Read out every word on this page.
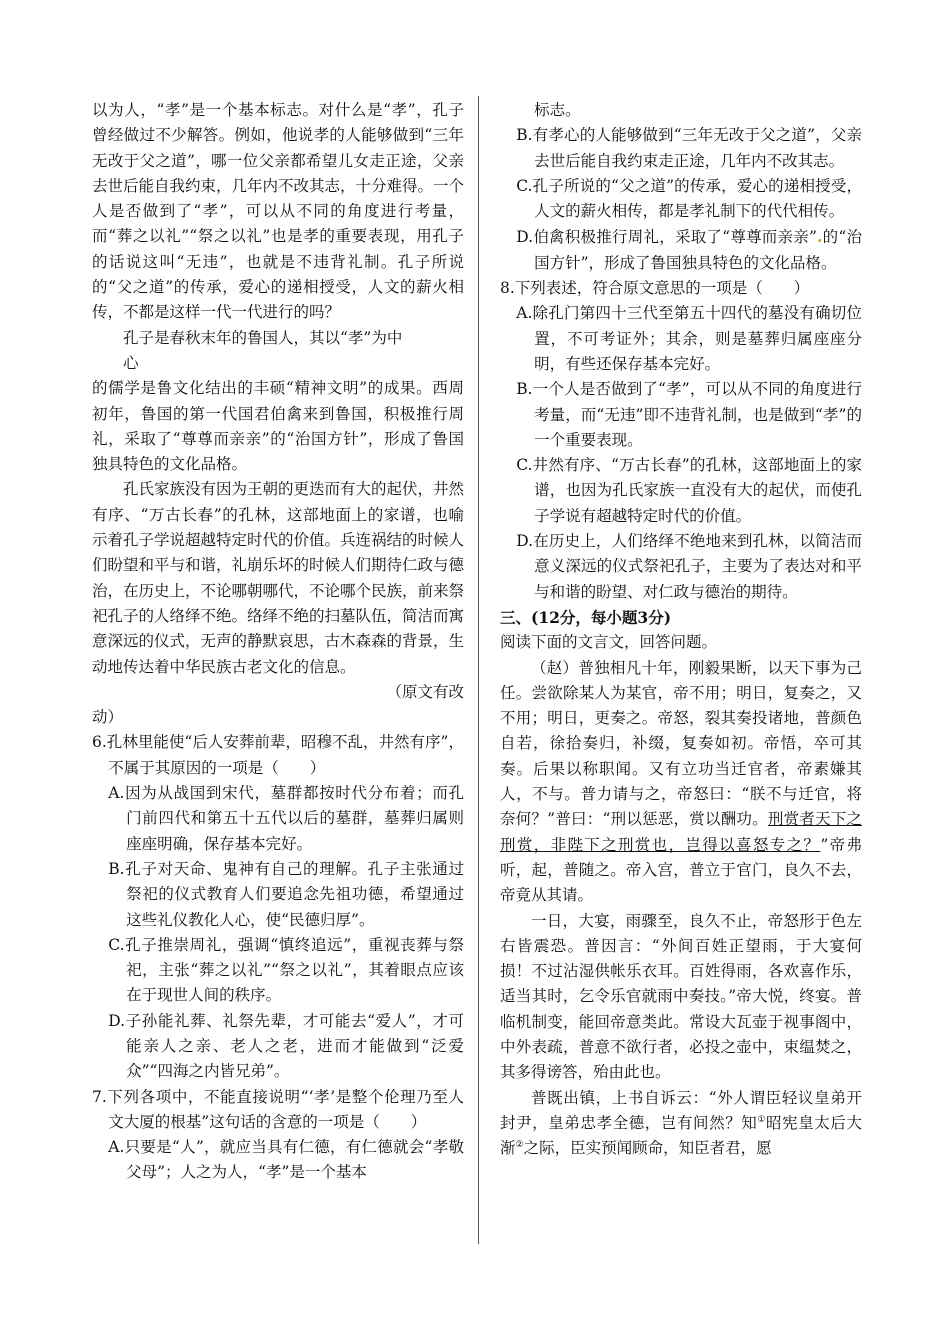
以为人，“孝”是一个基本标志。对什么是“孝”，孔子曾经做过不少解答。例如，他说孝的人能够做到“三年无改于父之道”，哪一位父亲都希望儿女走正途，父亲去世后能自我约束，几年内不改其志，十分难得。一个人是否做到了“孝”，可以从不同的角度进行考量，而“葬之以礼”“祭之以礼”也是孝的重要表现，用孔子的话说这叫“无违”，也就是不违背礼制。孔子所说的“父之道”的传承，爱心的递相授受，人文的薪火相传，不都是这样一代一代进行的吗？

孔子是春秋末年的鲁国人，其以“孝”为中

心

的儒学是鲁文化结出的丰硕“精神文明”的成果。西周初年，鲁国的第一代国君伯禽来到鲁国，积极推行周礼，采取了“尊尊而亲亲”的“治国方针”，形成了鲁国独具特色的文化品格。

孔氏家族没有因为王朝的更迭而有大的起伏，井然有序、“万古长春”的孔林，这部地面上的家谱，也喻示着孔子学说超越特定时代的价值。兵连祸结的时候人们盼望和平与和谐，礼崩乐坏的时候人们期待仁政与德治，在历史上，不论哪朝哪代，不论哪个民族，前来祭祀孔子的人络绎不绝。络绎不绝的扫墓队伍，简洁而寓意深远的仪式，无声的静默哀思，古木森森的背景，生动地传达着中华民族古老文化的信息。

（原文有改

动）

6.孔林里能使“后人安葬前辈，昭穆不乱，井然有序”，不属于其原因的一项是（　　）

A.因为从战国到宋代，墓群都按时代分布着；而孔门前四代和第五十五代以后的墓群，墓葬归属则座座明确，保存基本完好。

B.孔子对天命、鬼神有自己的理解。孔子主张通过祭祀的仪式教育人们要追念先祖功德，希望通过这些礼仪教化人心，使“民德归厚”。

C.孔子推崇周礼，强调“慎终追远”，重视丧葬与祭祀，主张“葬之以礼”“祭之以礼”，其着眼点应该在于现世人间的秩序。

D.子孙能礼葬、礼祭先辈，才可能去“爱人”，才可能亲人之亲、老人之老，进而才能做到“泛爱众”“四海之内皆兄弟”。

7.下列各项中，不能直接说明“‘孝’是整个伦理乃至人文大厦的根基”这句话的含意的一项是（　　）

A.只要是“人”，就应当具有仁德，有仁德就会“孝敬父母”；人之为人，“孝”是一个基本

标志。

B.有孝心的人能够做到“三年无改于父之道”，父亲去世后能自我约束走正途，几年内不改其志。

C.孔子所说的“父之道”的传承，爱心的递相授受，人文的薪火相传，都是孝礼制下的代代相传。

D.伯禽积极推行周礼，采取了“尊尊而亲亲”.的“治国方针”，形成了鲁国独具特色的文化品格。

8.下列表述，符合原文意思的一项是（　　）

A.除孔门第四十三代至第五十四代的墓没有确切位置，不可考证外；其余，则是墓葬归属座座分明，有些还保存基本完好。

B.一个人是否做到了“孝”，可以从不同的角度进行考量，而“无违”即不违背礼制，也是做到“孝”的一个重要表现。

C.井然有序、“万古长春”的孔林，这部地面上的家谱，也因为孔氏家族一直没有大的起伏，而使孔子学说有超越特定时代的价值。

D.在历史上，人们络绎不绝地来到孔林，以简洁而意义深远的仪式祭祀孔子，主要为了表达对和平与和谐的盼望、对仁政与德治的期待。

三、(12分，每小题3分)

阅读下面的文言文，回答问题。

（赵）普独相凡十年，刚毅果断，以天下事为己任。尝欲除某人为某官，帝不用；明日，复奏之，又不用；明日，更奏之。帝怒，裂其奏投诸地，普颜色自若，徐拾奏归，补缀，复奏如初。帝悟，卒可其奏。后果以称职闻。又有立功当迁官者，帝素嫌其人，不与。普力请与之，帝怒曰：“朕不与迁官，将奈何？”普曰：“刑以惩恶，赏以酬功。刑赏者天下之刑赏，非陛下之刑赏也，岂得以喜怒专之？”帝弗听，起，普随之。帝入宫，普立于官门，良久不去，帝竟从其请。

一日，大宴，雨骤至，良久不止，帝怒形于色左右皆震恐。普因言：“外间百姓正望雨，于大宴何损！不过沾湿供帐乐衣耳。百姓得雨，各欢喜作乐，适当其时，乞令乐官就雨中奏技。”帝大悦，终宴。普临机制变，能回帝意类此。常设大瓦壶于视事阁中，中外表疏，普意不欲行者，必投之壶中，束缊焚之，其多得谤答，殆由此也。

普既出镇，上书自诉云：“外人谓臣轻议皇弟开封尹，皇弟忠孝全德，岂有间然？知①昭宪皇太后大渐②之际，臣实预闻顾命，知臣者君，愿
